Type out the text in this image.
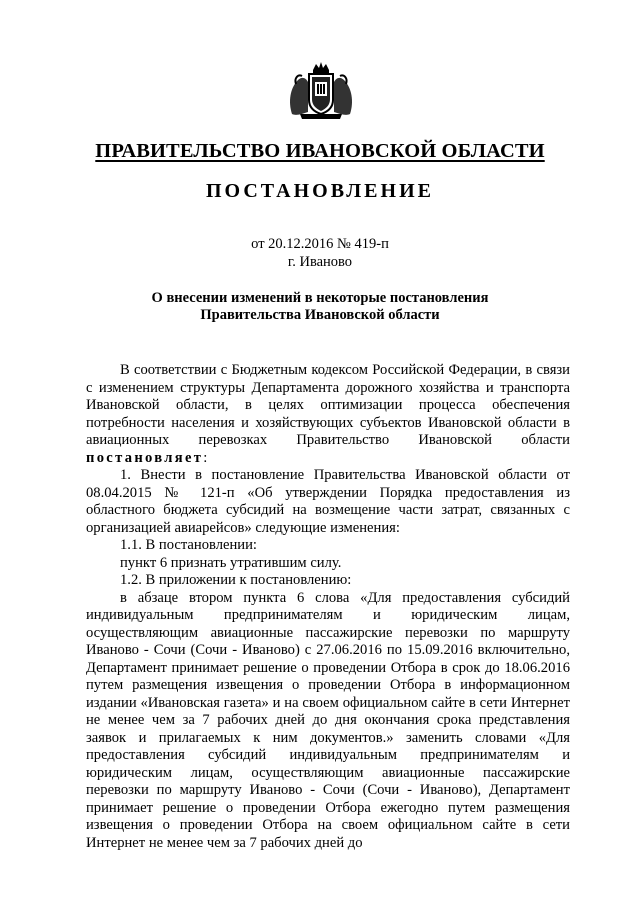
ПРАВИТЕЛЬСТВО ИВАНОВСКОЙ ОБЛАСТИ
ПОСТАНОВЛЕНИЕ
от 20.12.2016 № 419-п
г. Иваново
О внесении изменений в некоторые постановления
Правительства Ивановской области

В соответствии с Бюджетным кодексом Российской Федерации, в связи с изменением структуры Департамента дорожного хозяйства и транспорта Ивановской области, в целях оптимизации процесса обеспечения потребности населения и хозяйствующих субъектов Ивановской области в авиационных перевозках Правительство Ивановской области постановляет:

1. Внести в постановление Правительства Ивановской области от 08.04.2015 № 121-п «Об утверждении Порядка предоставления из областного бюджета субсидий на возмещение части затрат, связанных с организацией авиарейсов» следующие изменения:

1.1. В постановлении:

пункт 6 признать утратившим силу.

1.2. В приложении к постановлению:

в абзаце втором пункта 6 слова «Для предоставления субсидий индивидуальным предпринимателям и юридическим лицам, осуществляющим авиационные пассажирские перевозки по маршруту Иваново - Сочи (Сочи - Иваново) с 27.06.2016 по 15.09.2016 включительно, Департамент принимает решение о проведении Отбора в срок до 18.06.2016 путем размещения извещения о проведении Отбора в информационном издании «Ивановская газета» и на своем официальном сайте в сети Интернет не менее чем за 7 рабочих дней до дня окончания срока представления заявок и прилагаемых к ним документов.» заменить словами «Для предоставления субсидий индивидуальным предпринимателям и юридическим лицам, осуществляющим авиационные пассажирские перевозки по маршруту Иваново - Сочи (Сочи - Иваново), Департамент принимает решение о проведении Отбора ежегодно путем размещения извещения о проведении Отбора на своем официальном сайте в сети Интернет не менее чем за 7 рабочих дней до
